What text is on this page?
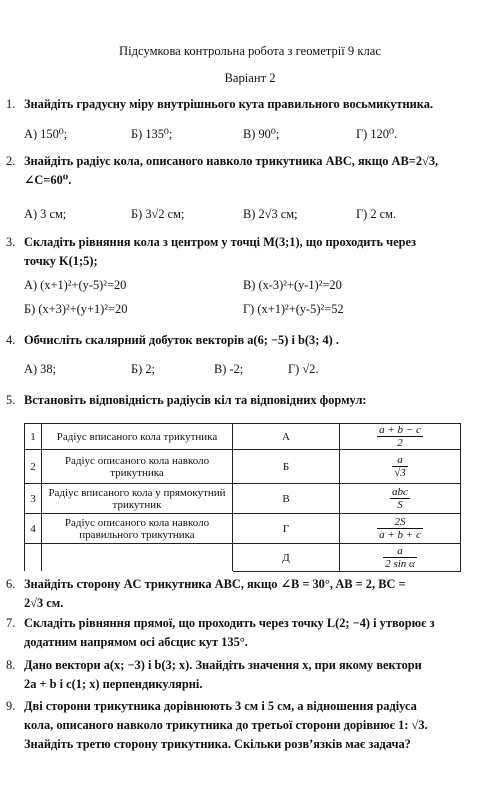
Підсумкова контрольна робота з геометрії 9 клас
Варіант 2
1. Знайдіть градусну міру внутрішнього кута правильного восьмикутника.
А) 150⁰;	Б) 135⁰;	В) 90⁰;	Г) 120⁰.
2. Знайдіть радіус кола, описаного навколо трикутника ABC, якщо AB=2√3,
∠C=60⁰.
А) 3 см;	Б) 3√2 см;	В) 2√3 см;	Г) 2 см.
3. Складіть рівняння кола з центром у точці M(3;1), що проходить через
точку K(1;5);
А) (x+1)²+(y-5)²=20	В) (x-3)²+(y-1)²=20
Б) (x+3)²+(y+1)²=20	Г) (x+1)²+(y-5)²=52
4. Обчисліть скалярний добуток векторів a(6; −5) і b(3; 4) .
А) 38;	Б) 2;	В) -2;	Г) √2.
5. Встановіть відповідність радіусів кіл та відповідних формул:
1	Радіус вписаного кола трикутника	А	$\frac{a + b - c}{2}$

2	Радіус описаного кола навколо трикутника	Б	$\frac{a}{√3}$

3	Радіус вписаного кола у прямокутний трикутник	В	$\frac{\text{abc}}{S}$

4	Радіус описаного кола навколо правильного трикутника	Г	$\frac{2S}{a + b + c}$

		Д	$\frac{a}{\text{2 sin α}}$
6. Знайдіть сторону AC трикутника ABC, якщо ∠B = 30°, AB = 2, BC =
2√3 см.
7. Складіть рівняння прямої, що проходить через точку L(2; −4) і утворює з
додатним напрямом осі абсцис кут 135°.
8. Дано вектори a(x; −3) і b(3; x). Знайдіть значення x, при якому вектори
2a + b і c(1; x) перпендикулярні.
9. Дві сторони трикутника дорівнюють 3 см і 5 см, а відношення радіуса
кола, описаного навколо трикутника до третьої сторони дорівнює 1: √3.
Знайдіть третю сторону трикутника. Скільки розв’язків має задача?
